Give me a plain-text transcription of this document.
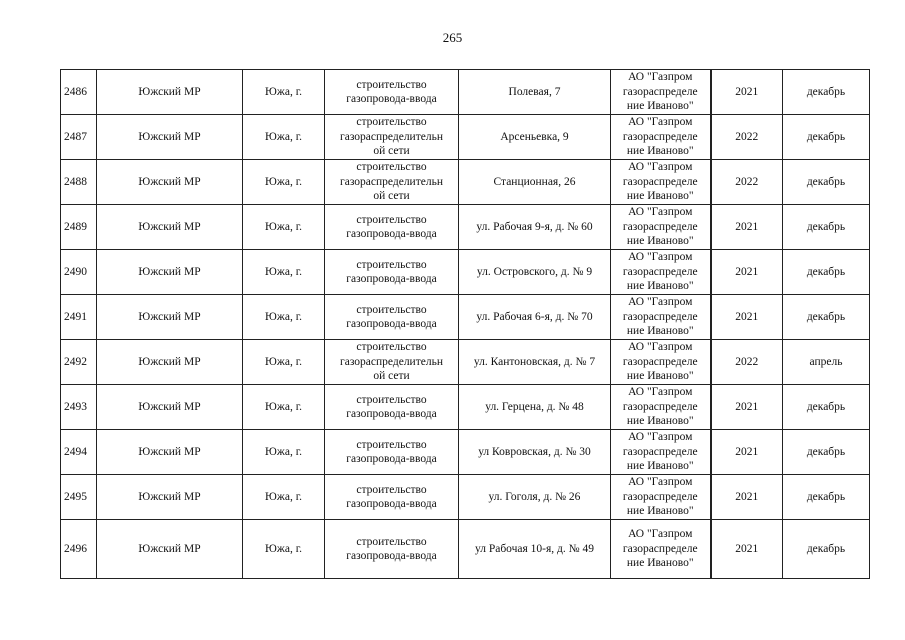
265
2486	Южский МР	Южа, г.	строительство
газопровода-ввода	Полевая, 7	АО "Газпром
газораспределе
ние Иваново"	2021	декабрь
2487	Южский МР	Южа, г.	строительство
газораспределительн
ой сети	Арсеньевка, 9	АО "Газпром
газораспределе
ние Иваново"	2022	декабрь
2488	Южский МР	Южа, г.	строительство
газораспределительн
ой сети	Станционная, 26	АО "Газпром
газораспределе
ние Иваново"	2022	декабрь
2489	Южский МР	Южа, г.	строительство
газопровода-ввода	ул. Рабочая 9-я, д. № 60	АО "Газпром
газораспределе
ние Иваново"	2021	декабрь
2490	Южский МР	Южа, г.	строительство
газопровода-ввода	ул. Островского, д. № 9	АО "Газпром
газораспределе
ние Иваново"	2021	декабрь
2491	Южский МР	Южа, г.	строительство
газопровода-ввода	ул. Рабочая 6-я, д. № 70	АО "Газпром
газораспределе
ние Иваново"	2021	декабрь
2492	Южский МР	Южа, г.	строительство
газораспределительн
ой сети	ул. Кантоновская, д. № 7	АО "Газпром
газораспределе
ние Иваново"	2022	апрель
2493	Южский МР	Южа, г.	строительство
газопровода-ввода	ул. Герцена, д. № 48	АО "Газпром
газораспределе
ние Иваново"	2021	декабрь
2494	Южский МР	Южа, г.	строительство
газопровода-ввода	ул Ковровская, д. № 30	АО "Газпром
газораспределе
ние Иваново"	2021	декабрь
2495	Южский МР	Южа, г.	строительство
газопровода-ввода	ул. Гоголя, д. № 26	АО "Газпром
газораспределе
ние Иваново"	2021	декабрь
2496	Южский МР	Южа, г.	строительство
газопровода-ввода	ул Рабочая 10-я, д. № 49	АО "Газпром
газораспределе
ние Иваново"	2021	декабрь
